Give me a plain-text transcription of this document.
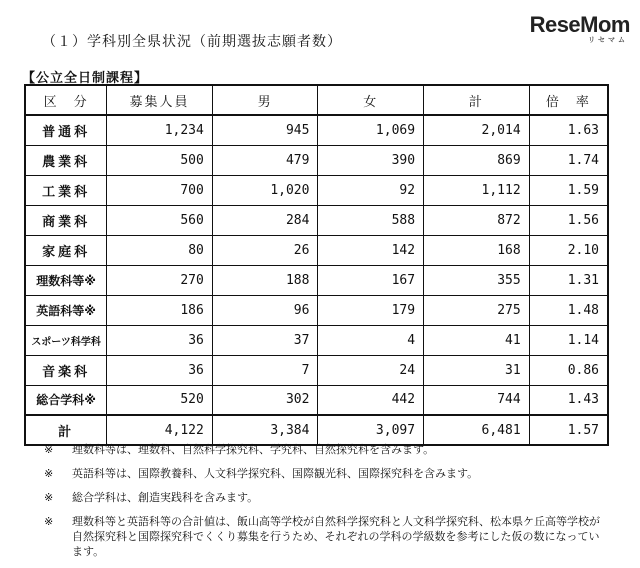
（１）学科別全県状況（前期選抜志願者数）
【公立全日制課程】
ReseMom
リセマム
区　分	募集人員	男	女	計	倍　率
普通科	1,234	945	1,069	2,014	1.63
農業科	500	479	390	869	1.74
工業科	700	1,020	92	1,112	1.59
商業科	560	284	588	872	1.56
家庭科	80	26	142	168	2.10
理数科等※	270	188	167	355	1.31
英語科等※	186	96	179	275	1.48
スポーツ科学科	36	37	4	41	1.14
音楽科	36	7	24	31	0.86
総合学科※	520	302	442	744	1.43
計	4,122	3,384	3,097	6,481	1.57
※ 理数科等は、理数科、自然科学探究科、学究科、自然探究科を含みます。
※ 英語科等は、国際教養科、人文科学探究科、国際観光科、国際探究科を含みます。
※ 総合学科は、創造実践科を含みます。
※ 理数科等と英語科等の合計値は、飯山高等学校が自然科学探究科と人文科学探究科、松本県ケ丘高等学校が自然探究科と国際探究科でくくり募集を行うため、それぞれの学科の学級数を参考にした仮の数になっています。
